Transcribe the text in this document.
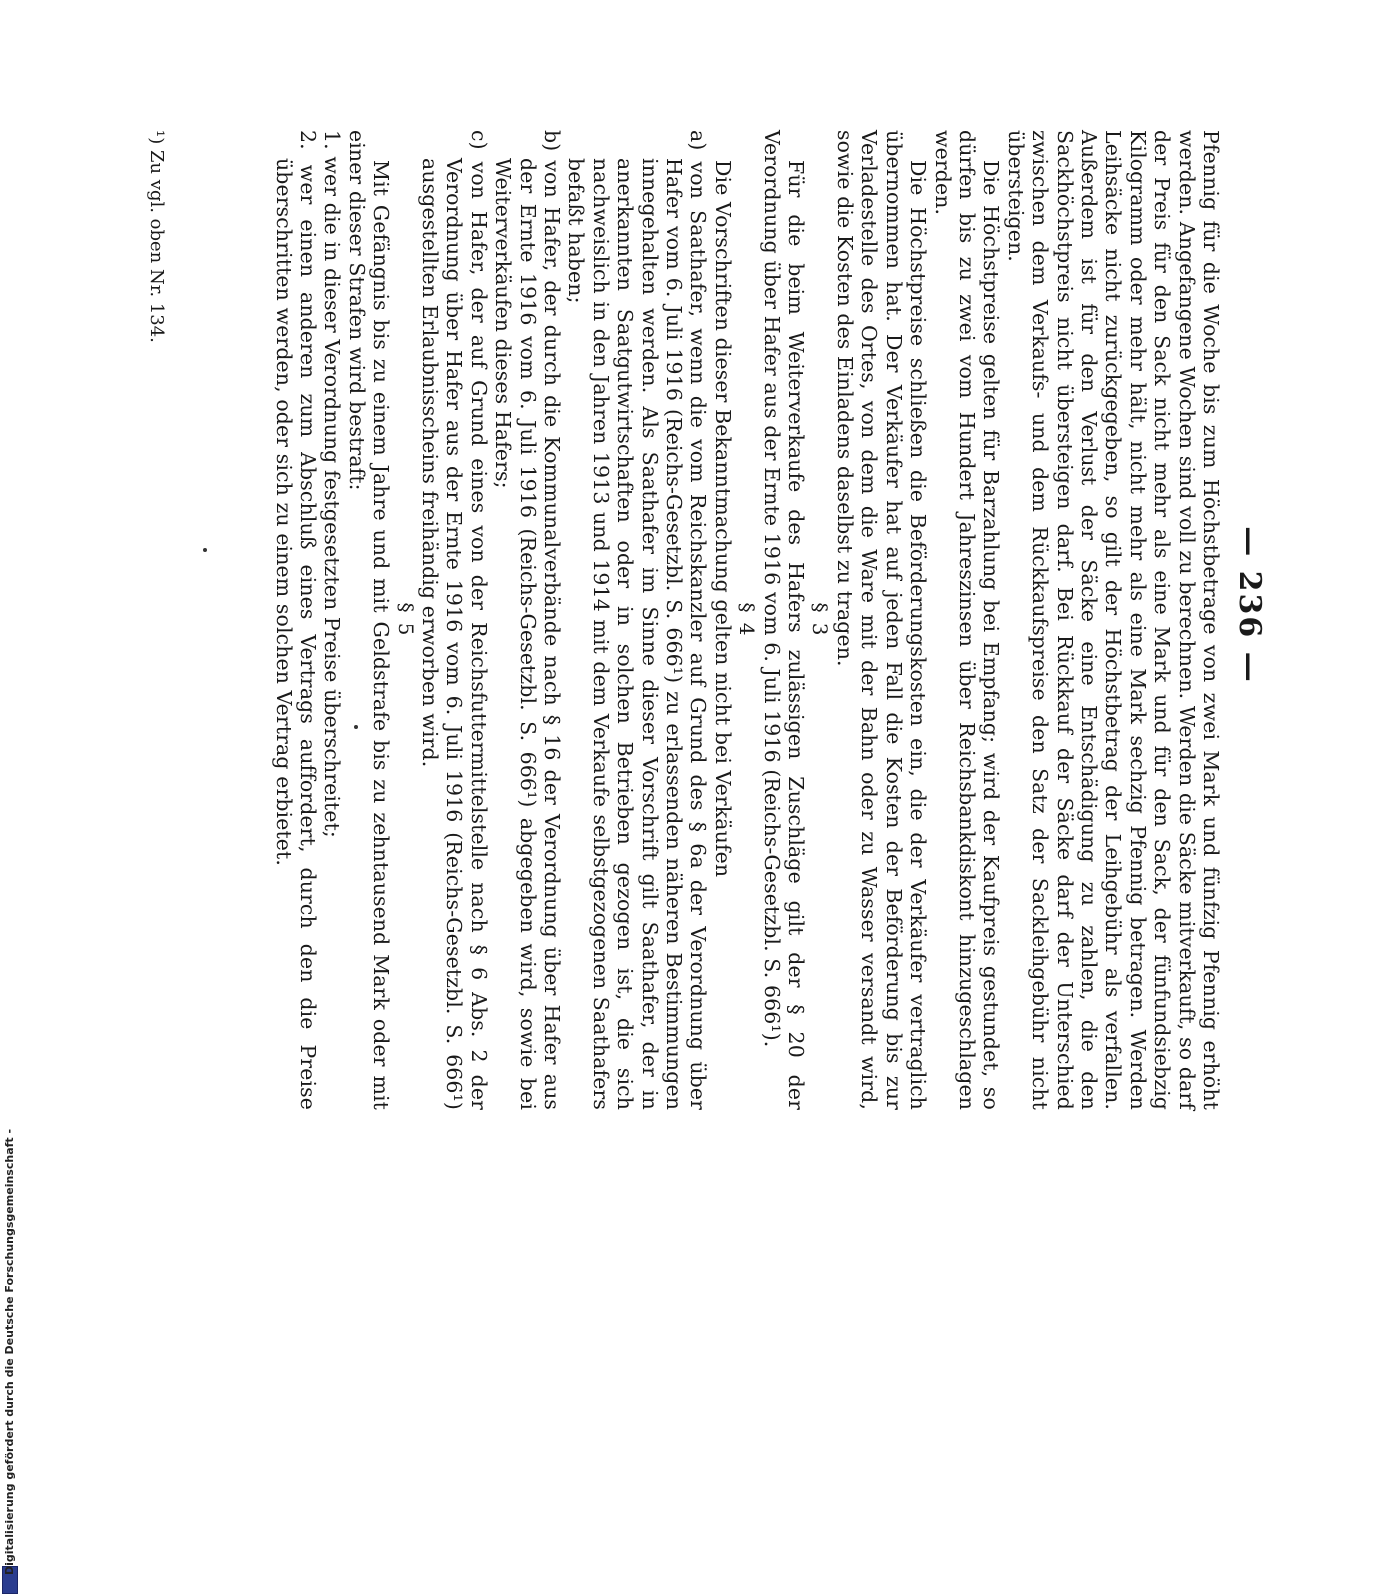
— 236 —

Pfennig für die Woche bis zum Höchstbetrage von zwei Mark und fünfzig Pfennig erhöht werden. Angefangene Wochen sind voll zu berechnen. Werden die Säcke mitverkauft, so darf der Preis für den Sack nicht mehr als eine Mark und für den Sack, der fünfundsiebzig Kilogramm oder mehr hält, nicht mehr als eine Mark sechzig Pfennig betragen. Werden Leihsäcke nicht zurückgegeben, so gilt der Höchstbetrag der Leihgebühr als verfallen. Außerdem ist für den Verlust der Säcke eine Entschädigung zu zahlen, die den Sackhöchstpreis nicht übersteigen darf. Bei Rückkauf der Säcke darf der Unterschied zwischen dem Verkaufs- und dem Rückkaufspreise den Satz der Sackleihgebühr nicht übersteigen.

Die Höchstpreise gelten für Barzahlung bei Empfang; wird der Kaufpreis gestundet, so dürfen bis zu zwei vom Hundert Jahreszinsen über Reichsbankdiskont hinzugeschlagen werden.

Die Höchstpreise schließen die Beförderungskosten ein, die der Verkäufer vertraglich übernommen hat. Der Verkäufer hat auf jeden Fall die Kosten der Beförderung bis zur Verladestelle des Ortes, von dem die Ware mit der Bahn oder zu Wasser versandt wird, sowie die Kosten des Einladens daselbst zu tragen.

§ 3

Für die beim Weiterverkaufe des Hafers zulässigen Zuschläge gilt der § 20 der Verordnung über Hafer aus der Ernte 1916 vom 6. Juli 1916 (Reichs-Gesetzbl. S. 666¹).

§ 4

Die Vorschriften dieser Bekanntmachung gelten nicht bei Verkäufen

a) von Saathafer, wenn die vom Reichskanzler auf Grund des § 6a der Verordnung über Hafer vom 6. Juli 1916 (Reichs-Gesetzbl. S. 666¹) zu erlassenden näheren Bestimmungen innegehalten werden. Als Saathafer im Sinne dieser Vorschrift gilt Saathafer, der in anerkannten Saatgutwirtschaften oder in solchen Betrieben gezogen ist, die sich nachweislich in den Jahren 1913 und 1914 mit dem Verkaufe selbstgezogenen Saathafers befaßt haben;

b) von Hafer, der durch die Kommunalverbände nach § 16 der Verordnung über Hafer aus der Ernte 1916 vom 6. Juli 1916 (Reichs-Gesetzbl. S. 666¹) abgegeben wird, sowie bei Weiterverkäufen dieses Hafers;

c) von Hafer, der auf Grund eines von der Reichsfuttermittelstelle nach § 6 Abs. 2 der Verordnung über Hafer aus der Ernte 1916 vom 6. Juli 1916 (Reichs-Gesetzbl. S. 666¹) ausgestellten Erlaubnisscheins freihändig erworben wird.

§ 5

Mit Gefängnis bis zu einem Jahre und mit Geldstrafe bis zu zehntausend Mark oder mit einer dieser Strafen wird bestraft:

1. wer die in dieser Verordnung festgesetzten Preise überschreitet;

2. wer einen anderen zum Abschluß eines Vertrags auffordert, durch den die Preise überschritten werden, oder sich zu einem solchen Vertrag erbietet.

¹) Zu vgl. oben Nr. 134.
Digitalisierung gefördert durch die Deutsche Forschungsgemeinschaft -
